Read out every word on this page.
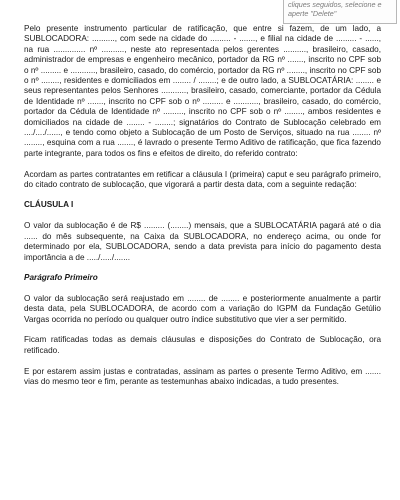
cliques seguidos, selecione e aperte "Delete"

Pelo presente instrumento particular de ratificação, que entre si fazem, de um lado, a SUBLOCADORA: .........., com sede na cidade do ......... - ......., e filial na cidade de ......... - ......, na rua .............. nº .........., neste ato representada pelos gerentes .........., brasileiro, casado, administrador de empresas e engenheiro mecânico, portador da RG nº ......., inscrito no CPF sob o nº ......... e ..........., brasileiro, casado, do comércio, portador da RG nº ........, inscrito no CPF sob o nº ........, residentes e domiciliados em ........ / ........; e de outro lado, a SUBLOCATÁRIA: ........ e seus representantes pelos Senhores ..........., brasileiro, casado, comerciante, portador da Cédula de Identidade nº ......., inscrito no CPF sob o nº ......... e ..........., brasileiro, casado, do comércio, portador da Cédula de Identidade nº ........., inscrito no CPF sob o nº ........, ambos residentes e domiciliados na cidade de ........ - ........; signatários do Contrato de Sublocação celebrado em ..../..../......, e tendo como objeto a Sublocação de um Posto de Serviços, situado na rua ........ nº ........, esquina com a rua ......., é lavrado o presente Termo Aditivo de ratificação, que fica fazendo parte integrante, para todos os fins e efeitos de direito, do referido contrato:

Acordam as partes contratantes em retificar a cláusula I (primeira) caput e seu parágrafo primeiro, do citado contrato de sublocação, que vigorará a partir desta data, com a seguinte redação:

CLÁUSULA I

O valor da sublocação é de R$ ......... (........) mensais, que a SUBLOCATÁRIA pagará até o dia ...... do mês subsequente, na Caixa da SUBLOCADORA, no endereço acima, ou onde for determinado por ela, SUBLOCADORA, sendo a data prevista para início do pagamento desta importância a de ...../...../.......

Parágrafo Primeiro

O valor da sublocação será reajustado em ........ de ........ e posteriormente anualmente a partir desta data, pela SUBLOCADORA, de acordo com a variação do IGPM da Fundação Getúlio Vargas ocorrida no período ou qualquer outro índice substitutivo que vier a ser permitido.

Ficam ratificadas todas as demais cláusulas e disposições do Contrato de Sublocação, ora retificado.

E por estarem assim justas e contratadas, assinam as partes o presente Termo Aditivo, em ....... vias do mesmo teor e fim, perante as testemunhas abaixo indicadas, a tudo presentes.
